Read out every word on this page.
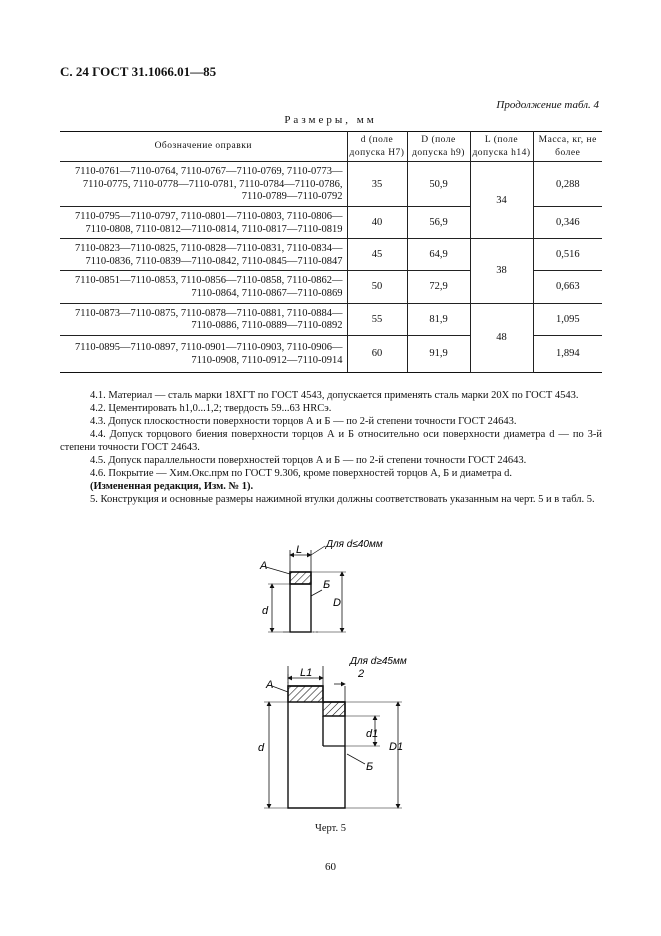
С. 24 ГОСТ 31.1066.01—85
Продолжение табл. 4
Размеры, мм
Обозначение оправки	d (поле допуска H7)	D (поле допуска h9)	L (поле допуска h14)	Масса, кг, не более
7110-0761—7110-0764, 7110-0767—7110-0769, 7110-0773—7110-0775, 7110-0778—7110-0781, 7110-0784—7110-0786, 7110-0789—7110-0792	35	50,9	34	0,288
7110-0795—7110-0797, 7110-0801—7110-0803, 7110-0806—7110-0808, 7110-0812—7110-0814, 7110-0817—7110-0819	40	56,9		0,346
7110-0823—7110-0825, 7110-0828—7110-0831, 7110-0834—7110-0836, 7110-0839—7110-0842, 7110-0845—7110-0847	45	64,9	38	0,516
7110-0851—7110-0853, 7110-0856—7110-0858, 7110-0862—7110-0864, 7110-0867—7110-0869	50	72,9		0,663
7110-0873—7110-0875, 7110-0878—7110-0881, 7110-0884—7110-0886, 7110-0889—7110-0892	55	81,9	48	1,095
7110-0895—7110-0897, 7110-0901—7110-0903, 7110-0906—7110-0908, 7110-0912—7110-0914	60	91,9		1,894

4.1. Материал — сталь марки 18ХГТ по ГОСТ 4543, допускается применять сталь марки 20Х по ГОСТ 4543.

4.2. Цементировать h1,0...1,2; твердость 59...63 HRCэ.

4.3. Допуск плоскостности поверхности торцов А и Б — по 2-й степени точности ГОСТ 24643.

4.4. Допуск торцового биения поверхности торцов А и Б относительно оси поверхности диаметра d — по 3-й степени точности ГОСТ 24643.

4.5. Допуск параллельности поверхностей торцов А и Б — по 2-й степени точности ГОСТ 24643.

4.6. Покрытие — Хим.Окс.прм по ГОСТ 9.306, кроме поверхностей торцов А, Б и диаметра d.

(Измененная редакция, Изм. № 1).

5. Конструкция и основные размеры нажимной втулки должны соответствовать указанным на черт. 5 и в табл. 5.

L Для d≤40мм
А
Б
d
D
L1
Для d≥45мм
2
А
Б
d
d1
D1
Черт. 5
60
